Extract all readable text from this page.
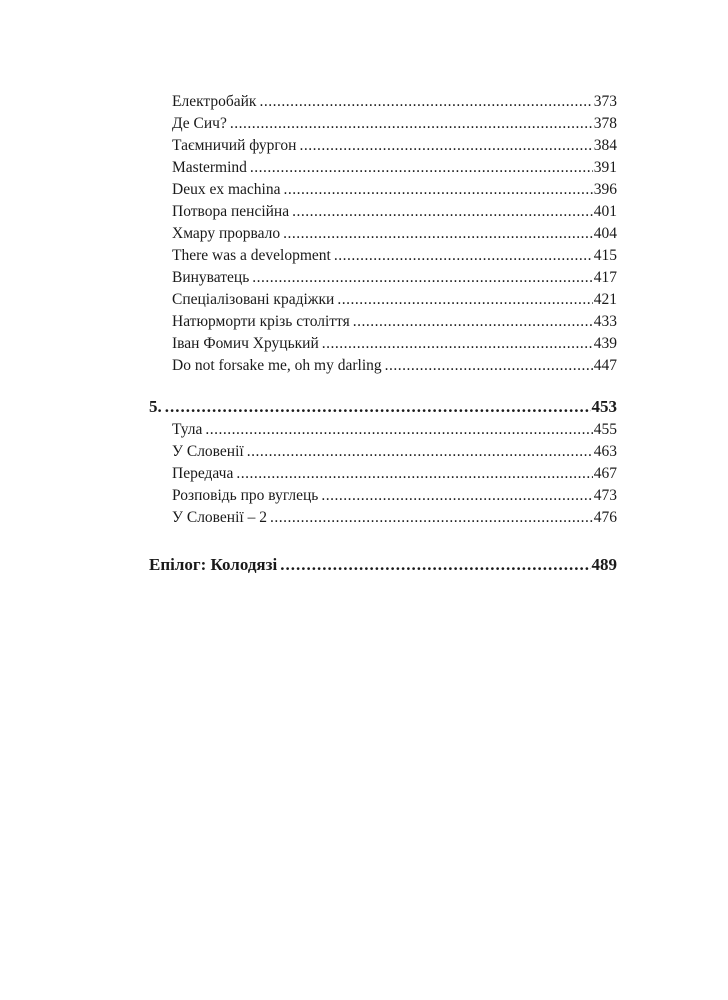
Електробайк .....	373
Де Сич? .....	378
Таємничий фургон .....	384
Mastermind .....	391
Deux ex machina .....	396
Потвора пенсійна .....	401
Хмару прорвало .....	404
There was a development .....	415
Винуватець .....	417
Спеціалізовані крадіжки .....	421
Натюрморти крізь століття .....	433
Іван Фомич Хруцький .....	439
Do not forsake me, oh my darling .....	447
5. .....	453
Тула .....	455
У Словенії .....	463
Передача .....	467
Розповідь про вуглець .....	473
У Словенії – 2 .....	476
Епілог: Колодязі .....	489
